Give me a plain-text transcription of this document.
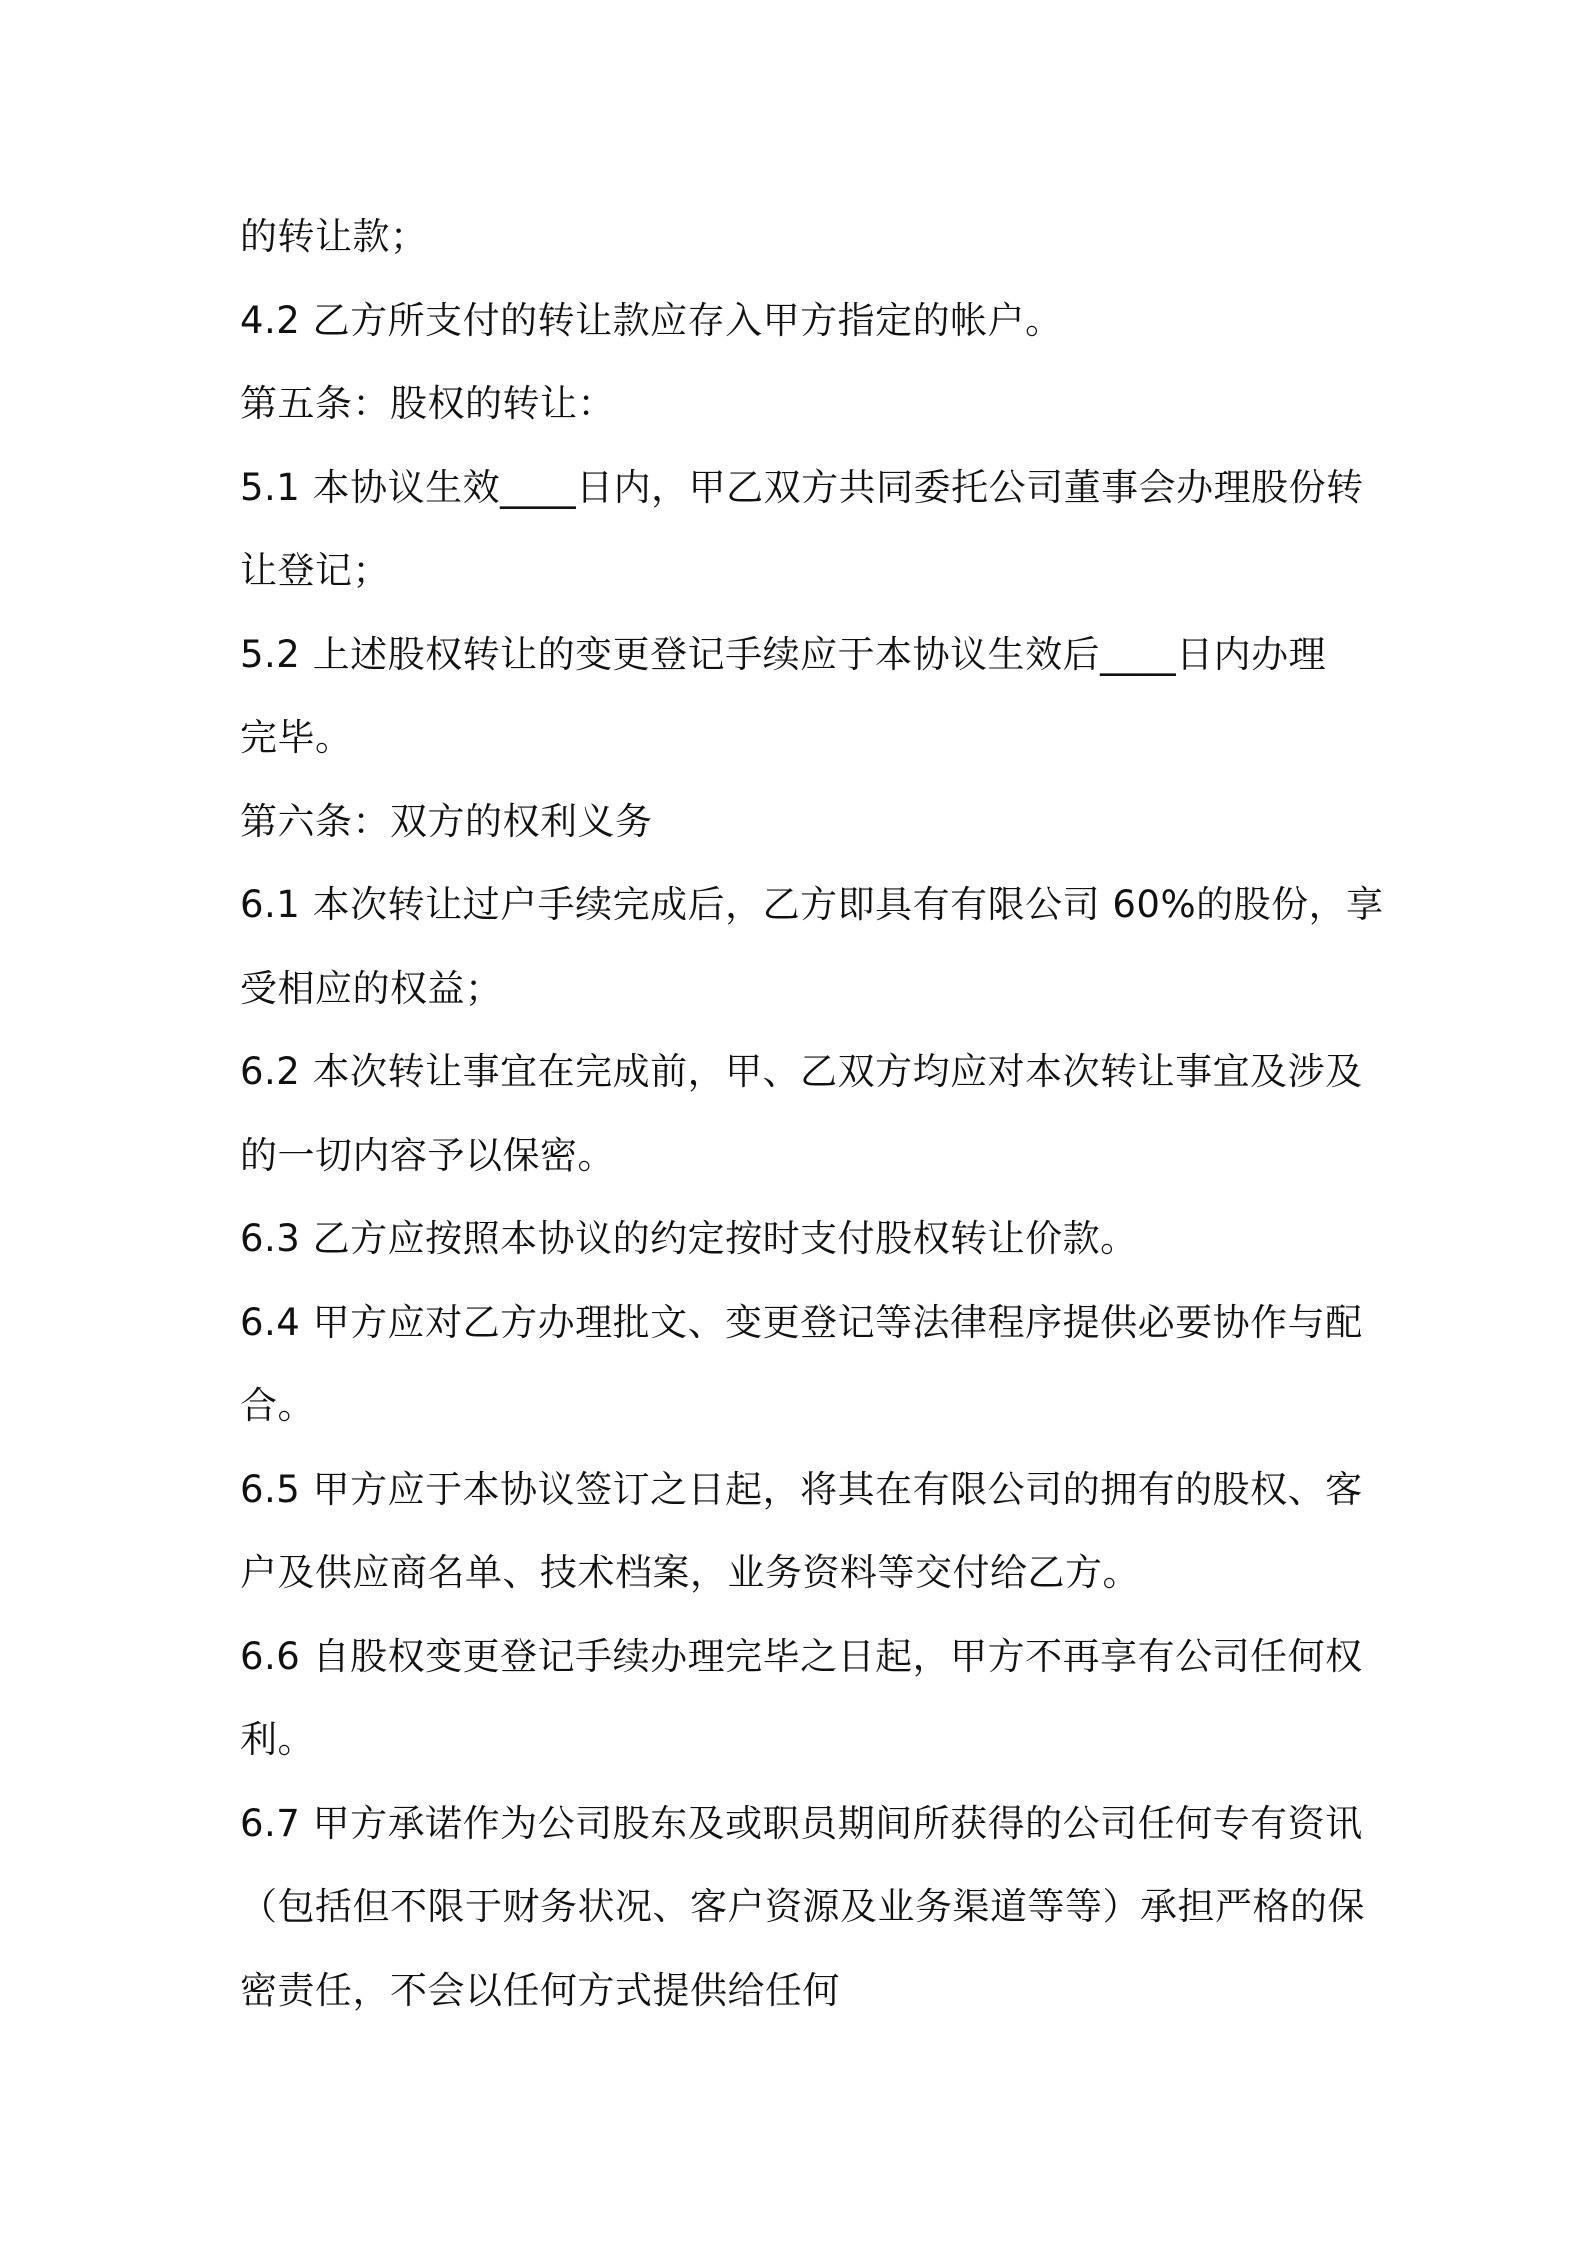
的转让款；
4.2 乙方所支付的转让款应存入甲方指定的帐户。
第五条：股权的转让：
5.1 本协议生效____日内，甲乙双方共同委托公司董事会办理股份转
让登记；
5.2 上述股权转让的变更登记手续应于本协议生效后____日内办理
完毕。
第六条：双方的权利义务
6.1 本次转让过户手续完成后，乙方即具有有限公司 60%的股份，享
受相应的权益；
6.2 本次转让事宜在完成前，甲、乙双方均应对本次转让事宜及涉及
的一切内容予以保密。
6.3 乙方应按照本协议的约定按时支付股权转让价款。
6.4 甲方应对乙方办理批文、变更登记等法律程序提供必要协作与配
合。
6.5 甲方应于本协议签订之日起，将其在有限公司的拥有的股权、客
户及供应商名单、技术档案，业务资料等交付给乙方。
6.6 自股权变更登记手续办理完毕之日起，甲方不再享有公司任何权
利。
6.7 甲方承诺作为公司股东及或职员期间所获得的公司任何专有资讯
（包括但不限于财务状况、客户资源及业务渠道等等）承担严格的保
密责任，不会以任何方式提供给任何
